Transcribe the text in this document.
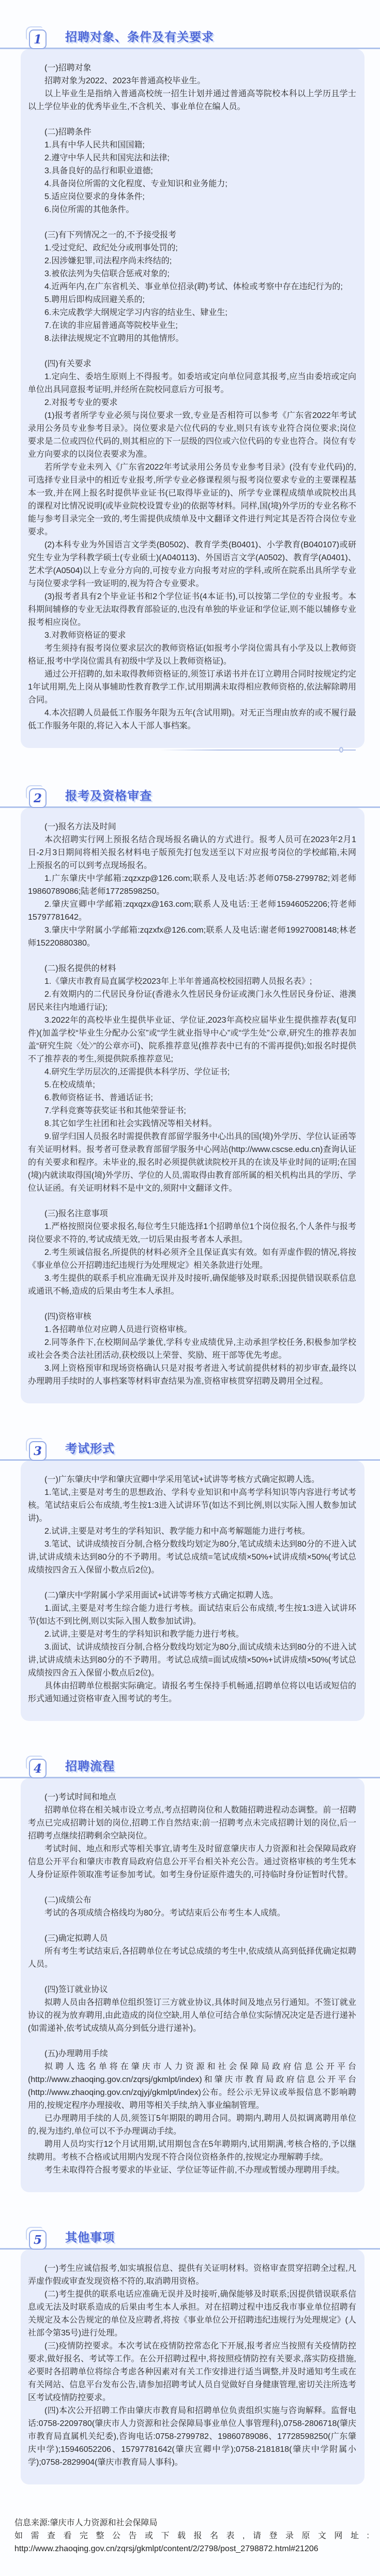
1 招聘对象、条件及有关要求

(一)招聘对象

招聘对象为2022、2023年普通高校毕业生。

以上毕业生是指纳入普通高校统一招生计划并通过普通高等院校本科以上学历且学士以上学位毕业的优秀毕业生,不含机关、事业单位在编人员。

(二)招聘条件

1.具有中华人民共和国国籍;

2.遵守中华人民共和国宪法和法律;

3.具备良好的品行和职业道德;

4.具备岗位所需的文化程度、专业知识和业务能力;

5.适应岗位要求的身体条件;

6.岗位所需的其他条件。

(三)有下列情况之一的,不予接受报考

1.受过党纪、政纪处分或刑事处罚的;

2.因涉嫌犯罪,司法程序尚未终结的;

3.被依法列为失信联合惩戒对象的;

4.近两年内,在广东省机关、事业单位招录(聘)考试、体检或考察中存在违纪行为的;

5.聘用后即构成回避关系的;

6.未完成教学大纲规定学习内容的结业生、肄业生;

7.在读的非应届普通高等院校毕业生;

8.法律法规规定不宜聘用的其他情形。

(四)有关要求

1.定向生、委培生原则上不得报考。如委培或定向单位同意其报考,应当由委培或定向单位出具同意报考证明,并经所在院校同意后方可报考。

2.对报考专业的要求

(1)报考者所学专业必须与岗位要求一致,专业是否相符可以参考《广东省2022年考试录用公务员专业参考目录》。岗位要求是六位代码的专业,则只有该专业符合岗位要求;岗位要求是二位或四位代码的,则其相应的下一层级的四位或六位代码的专业也符合。岗位有专业方向要求的以岗位表要求为准。

若所学专业未列入《广东省2022年考试录用公务员专业参考目录》(没有专业代码)的,可选择专业目录中的相近专业报考,所学专业必修课程须与报考岗位要求专业的主要课程基本一致,并在网上报名时提供毕业证书(已取得毕业证的)、所学专业课程成绩单或院校出具的课程对比情况说明(或毕业院校设置专业)的依据等材料。同样,国(境)外学历的专业名称不能与参考目录完全一致的,考生需提供成绩单及中文翻译文件进行判定其是否符合岗位专业要求。

(2)本科专业为外国语言文学类(B0502)、教育学类(B0401)、小学教育(B040107)或研究生专业为学科教学硕士(专业硕士)(A040113)、外国语言文学(A0502)、教育学(A0401)、艺术学(A0504)以上专业分方向的,可按专业方向报考对应的学科,或所在院系出具所学专业与岗位要求学科一致证明的,视为符合专业要求。

(3)报考者具有2个毕业证书和2个学位证书(4本证书),可以按第二学位的专业报考。本科期间辅修的专业无法取得教育部验证的,也没有单独的毕业证和学位证,则不能以辅修专业报考相应岗位。

3.对教师资格证的要求

考生须持有报考岗位要求层次的教师资格证(如报考小学岗位需具有小学及以上教师资格证,报考中学岗位需具有初级中学及以上教师资格证)。

通过公开招聘的,如未取得教师资格证的,须签订承诺书并在订立聘用合同时按规定约定1年试用期,先上岗从事辅助性教育教学工作,试用期满未取得相应教师资格的,依法解除聘用合同。

4.本次招聘人员最低工作服务年限为五年(含试用期)。对无正当理由放弃的或不履行最低工作服务年限的,将记入本人干部人事档案。

2 报考及资格审查

(一)报名方法及时间

本次招聘实行网上预报名结合现场报名确认的方式进行。报考人员可在2023年2月1日-2月3日期间将相关报名材料电子版预先打包发送至以下对应报考岗位的学校邮箱,未网上预报名的可以到考点现场报名。

1.广东肇庆中学邮箱:zqzxzp@126.com;联系人及电话:苏老师0758-2799782;刘老师19860789086;陆老师17728598250。

2.肇庆宣卿中学邮箱:zqxqzx@163.com;联系人及电话:王老师15946052206;符老师15797781642。

3.肇庆中学附属小学邮箱:zqzxfx@126.com;联系人及电话:谢老师19927008148;林老师15220880380。

(二)报名提供的材料

1.《肇庆市教育局直属学校2023年上半年普通高校校园招聘人员报名表》;

2.有效期内的二代居民身份证(香港永久性居民身份证或澳门永久性居民身份证、港澳居民来往内地通行证);

3.2022年的高校毕业生提供毕业证、学位证,2023年高校应届毕业生提供推荐表(复印件)(加盖学校“毕业生分配办公室”或“学生就业指导中心”或“学生处”公章,研究生的推荐表加盖“研究生院〈处〉”的公章亦可)、院系推荐意见(推荐表中已有的不需再提供);如报名时提供不了推荐表的考生,须提供院系推荐意见;

4.研究生学历层次的,还需提供本科学历、学位证书;

5.在校成绩单;

6.教师资格证书、普通话证书;

7.学科竞赛等获奖证书和其他荣誉证书;

8.其它如学生社团和社会实践情况等相关材料。

9.留学归国人员报名时需提供教育部留学服务中心出具的国(境)外学历、学位认证函等有关证明材料。报考者可登录教育部留学服务中心网站(http://www.cscse.edu.cn)查询认证的有关要求和程序。未毕业的,报名时必须提供就读院校开具的在读及毕业时间的证明;在国(境)内就读取得国(境)外学历、学位的人员,需取得由教育部所属的相关机构出具的学历、学位认证函。有关证明材料不是中文的,须附中文翻译文件。

(三)报名注意事项

1.严格按照岗位要求报名,每位考生只能选择1个招聘单位1个岗位报名,个人条件与报考岗位要求不符的,考试成绩无效,一切后果由报考者本人承担。

2.考生须诚信报名,所提供的材料必须齐全且保证真实有效。如有弄虚作假的情况,将按《事业单位公开招聘违纪违规行为处理规定》相关条款进行处理。

3.考生提供的联系手机应准确无误并及时接听,确保能够及时联系;因提供错误联系信息或通讯不畅,造成的后果由考生本人承担。

(四)资格审核

1.各招聘单位对应聘人员进行资格审核。

2.同等条件下,在校期间品学兼优,学科专业成绩优异,主动承担学校任务,积极参加学校或社会各类合法社团活动,获校级以上荣誉、奖励、班干部等优先考虑。

3.网上资格预审和现场资格确认只是对报考者进入考试前提供材料的初步审查,最终以办理聘用手续时的人事档案等材料审查结果为准,资格审核贯穿招聘及聘用全过程。

3 考试形式

(一)广东肇庆中学和肇庆宣卿中学采用笔试+试讲等考核方式确定拟聘人选。

1.笔试,主要是对考生的思想政治、学科专业知识和中高考学科知识等内容进行考试考核。笔试结束后公布成绩,考生按1:3进入试讲环节(如达不到比例,则以实际入围人数参加试讲)。

2.试讲,主要是对考生的学科知识、教学能力和中高考解题能力进行考核。

3.笔试、试讲成绩按百分制,合格分数线均划定为80分,笔试成绩未达到80分的不进入试讲,试讲成绩未达到80分的不予聘用。考试总成绩=笔试成绩×50%+试讲成绩×50%(考试总成绩按四舍五入保留小数点后2位)。

(二)肇庆中学附属小学采用面试+试讲等考核方式确定拟聘人选。

1.面试,主要是对考生综合能力进行考核。面试结束后公布成绩,考生按1:3进入试讲环节(如达不到比例,则以实际入围人数参加试讲)。

2.试讲,主要是对考生的学科知识和教学能力进行考核。

3.面试、试讲成绩按百分制,合格分数线均划定为80分,面试成绩未达到80分的不进入试讲,试讲成绩未达到80分的不予聘用。考试总成绩=面试成绩×50%+试讲成绩×50%(考试总成绩按四舍五入保留小数点后2位)。

具体由招聘单位根据实际确定。请报名考生保持手机畅通,招聘单位将以电话或短信的形式通知通过资格审查入围考试的考生。

4 招聘流程

(一)考试时间和地点

招聘单位将在相关城市设立考点,考点招聘岗位和人数随招聘进程动态调整。前一招聘考点已完成招聘计划的岗位,招聘工作自然结束;前一招聘考点未完成招聘计划的岗位,后一招聘考点继续招聘剩余空缺岗位。

考试时间、地点和形式等相关事宜,请考生及时留意肇庆市人力资源和社会保障局政府信息公开平台和肇庆市教育局政府信息公开平台相关补充公告。通过资格审核的考生凭本人身份证原件领取准考证参加考试。如考生身份证原件遗失的,可持临时身份证暂时代替。

(二)成绩公布

考试的各项成绩合格线均为80分。考试结束后公布考生本人成绩。

(三)确定拟聘人员

所有考生考试结束后,各招聘单位在考试总成绩的考生中,依成绩从高到低择优确定拟聘人员。

(四)签订就业协议

拟聘人员由各招聘单位组织签订三方就业协议,具体时间及地点另行通知。不签订就业协议的视为放弃聘用,由此造成的岗位空缺,用人单位可结合单位实际情况决定是否进行递补(如需递补,依考试成绩从高分到低分进行递补)。

(五)办理聘用手续

拟聘人选名单将在肇庆市人力资源和社会保障局政府信息公开平台(http://www.zhaoqing.gov.cn/zqrsj/gkmlpt/index)和肇庆市教育局政府信息公开平台(http://www.zhaoqing.gov.cn/zqjyj/gkmlpt/index)公布。经公示无异议或举报信息不影响聘用的,按规定程序办理接收、聘用等相关手续,纳入事业编制管理。

已办理聘用手续的人员,须签订5年期限的聘用合同。聘期内,聘用人员拟调离聘用单位的,视为违约,单位可以不予办理调动手续。

聘用人员均实行12个月试用期,试用期包含在5年聘期内,试用期满,考核合格的,予以继续聘用。考核不合格或试用期内发现不符合岗位资格条件的,按规定办理解聘手续。

考生未取得符合报考要求的毕业证、学位证等证件前,不办理或暂缓办理聘用手续。

5 其他事项

(一)考生应诚信报考,如实填报信息、提供有关证明材料。资格审查贯穿招聘全过程,凡弄虚作假或审查发现资格不符的,取消聘用资格。

(二)考生提供的联系电话应准确无误并及时接听,确保能够及时联系;因提供错误联系信息或无法及时联系造成的后果由考生本人承担。对在招聘过程中违反我市事业单位招聘有关规定及本公告规定的单位及应聘者,将按《事业单位公开招聘违纪违规行为处理规定》(人社部令第35号)进行处理。

(三)疫情防控要求。本次考试在疫情防控常态化下开展,报考者应当按照有关疫情防控要求,做好报名、考试等工作。在公开招聘过程中,将按照疫情防控有关要求,落实防疫措施,必要时各招聘单位将综合考虑各种因素对有关工作安排进行适当调整,并及时通知考生或在有关网站、信息平台发布公告,请参加招聘考试人员自觉做好自身健康管理,密切关注所选考区考试疫情防控要求。

(四)本次公开招聘工作由肇庆市教育局和招聘单位负责组织实施与咨询解释。监督电话:0758-2209780(肇庆市人力资源和社会保障局事业单位人事管理科),0758-2806718(肇庆市教育局直属机关纪委),咨询电话:0758-2799782、19860789086、17728598250(广东肇庆中学);15946052206、15797781642(肇庆宣卿中学);0758-2181818(肇庆中学附属小学);0758-2829904(肇庆市教育局人事科)。

信息来源:肇庆市人力资源和社会保障局

如需查看完整公告或下载报名表,请登录原文网址:

http://www.zhaoqing.gov.cn/zqrsj/gkmlpt/content/2/2798/post_2798872.html#21206
